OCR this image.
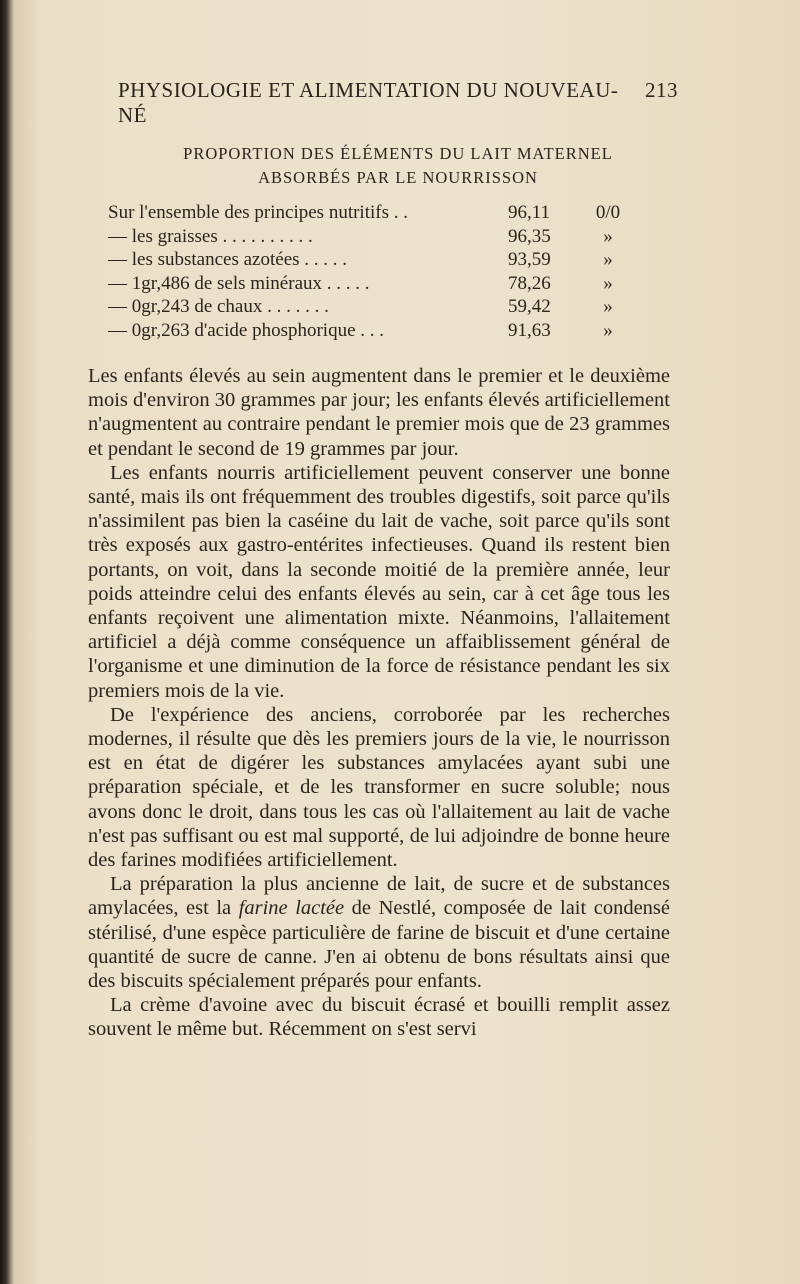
PHYSIOLOGIE ET ALIMENTATION DU NOUVEAU-NÉ
213
PROPORTION DES ÉLÉMENTS DU LAIT MATERNEL
ABSORBÉS PAR LE NOURRISSON
Sur l'ensemble des principes nutritifs . .	96,11	0/0
— les graisses . . . . . . . . . .	96,35	»
— les substances azotées . . . . .	93,59	»
— 1gr,486 de sels minéraux . . . . .	78,26	»
— 0gr,243 de chaux . . . . . . .	59,42	»
— 0gr,263 d'acide phosphorique . . .	91,63	»

Les enfants élevés au sein augmentent dans le premier et le deuxième mois d'environ 30 grammes par jour; les enfants élevés artificiellement n'augmentent au contraire pendant le premier mois que de 23 grammes et pendant le second de 19 grammes par jour.

Les enfants nourris artificiellement peuvent conserver une bonne santé, mais ils ont fréquemment des troubles digestifs, soit parce qu'ils n'assimilent pas bien la caséine du lait de vache, soit parce qu'ils sont très exposés aux gastro-entérites infectieuses. Quand ils restent bien portants, on voit, dans la seconde moitié de la première année, leur poids atteindre celui des enfants élevés au sein, car à cet âge tous les enfants reçoivent une alimentation mixte. Néanmoins, l'allaitement artificiel a déjà comme conséquence un affaiblissement général de l'organisme et une diminution de la force de résistance pendant les six premiers mois de la vie.

De l'expérience des anciens, corroborée par les recherches modernes, il résulte que dès les premiers jours de la vie, le nourrisson est en état de digérer les substances amylacées ayant subi une préparation spéciale, et de les transformer en sucre soluble; nous avons donc le droit, dans tous les cas où l'allaitement au lait de vache n'est pas suffisant ou est mal supporté, de lui adjoindre de bonne heure des farines modifiées artificiellement.

La préparation la plus ancienne de lait, de sucre et de substances amylacées, est la farine lactée de Nestlé, composée de lait condensé stérilisé, d'une espèce particulière de farine de biscuit et d'une certaine quantité de sucre de canne. J'en ai obtenu de bons résultats ainsi que des biscuits spécialement préparés pour enfants.

La crème d'avoine avec du biscuit écrasé et bouilli remplit assez souvent le même but. Récemment on s'est servi
